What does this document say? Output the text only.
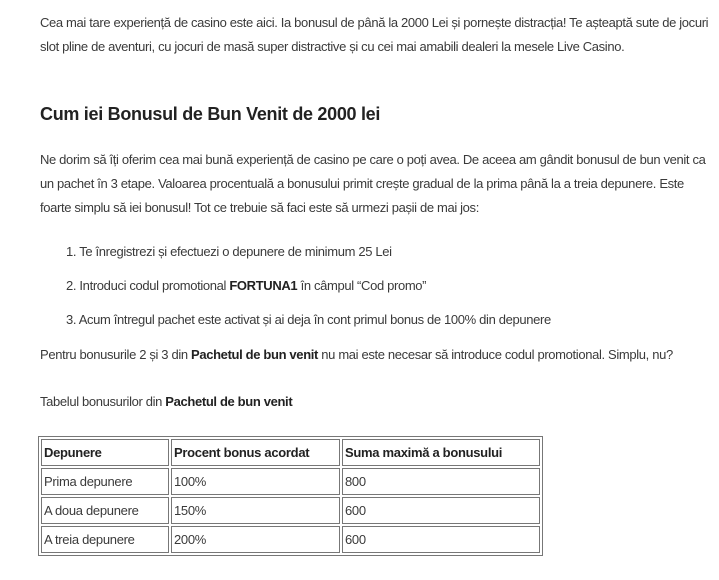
Cea mai tare experiență de casino este aici. Ia bonusul de până la 2000 Lei și pornește distracția! Te așteaptă sute de jocuri slot pline de aventuri, cu jocuri de masă super distractive și cu cei mai amabili dealeri la mesele Live Casino.

Cum iei Bonusul de Bun Venit de 2000 lei

Ne dorim să îți oferim cea mai bună experiență de casino pe care o poți avea. De aceea am gândit bonusul de bun venit ca un pachet în 3 etape. Valoarea procentuală a bonusului primit crește gradual de la prima până la a treia depunere. Este foarte simplu să iei bonusul! Tot ce trebuie să faci este să urmezi pașii de mai jos:

1. Te înregistrezi și efectuezi o depunere de minimum 25 Lei
2. Introduci codul promotional FORTUNA1 în câmpul “Cod promo”
3. Acum întregul pachet este activat și ai deja în cont primul bonus de 100% din depunere

Pentru bonusurile 2 și 3 din Pachetul de bun venit nu mai este necesar să introduce codul promotional. Simplu, nu?

Tabelul bonusurilor din Pachetul de bun venit

Depunere	Procent bonus acordat	Suma maximă a bonusului
Prima depunere	100%	800
A doua depunere	150%	600
A treia depunere	200%	600
